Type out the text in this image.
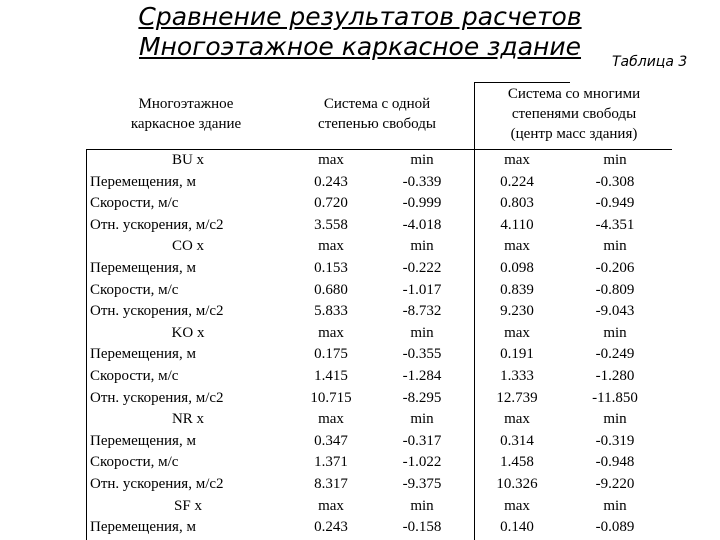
Сравнение результатов расчетов
Многоэтажное каркасное здание
Таблица 3
Многоэтажное
каркасное здание
Система с одной
степенью свободы
Система со многими
степенями свободы
(центр масс здания)
BU x	max	min	max	min
Перемещения, м	0.243	-0.339	0.224	-0.308
Скорости, м/с	0.720	-0.999	0.803	-0.949
Отн. ускорения, м/с2	3.558	-4.018	4.110	-4.351
CO x	max	min	max	min
Перемещения, м	0.153	-0.222	0.098	-0.206
Скорости, м/с	0.680	-1.017	0.839	-0.809
Отн. ускорения, м/с2	5.833	-8.732	9.230	-9.043
KO x	max	min	max	min
Перемещения, м	0.175	-0.355	0.191	-0.249
Скорости, м/с	1.415	-1.284	1.333	-1.280
Отн. ускорения, м/с2	10.715	-8.295	12.739	-11.850
NR x	max	min	max	min
Перемещения, м	0.347	-0.317	0.314	-0.319
Скорости, м/с	1.371	-1.022	1.458	-0.948
Отн. ускорения, м/с2	8.317	-9.375	10.326	-9.220
SF x	max	min	max	min
Перемещения, м	0.243	-0.158	0.140	-0.089
